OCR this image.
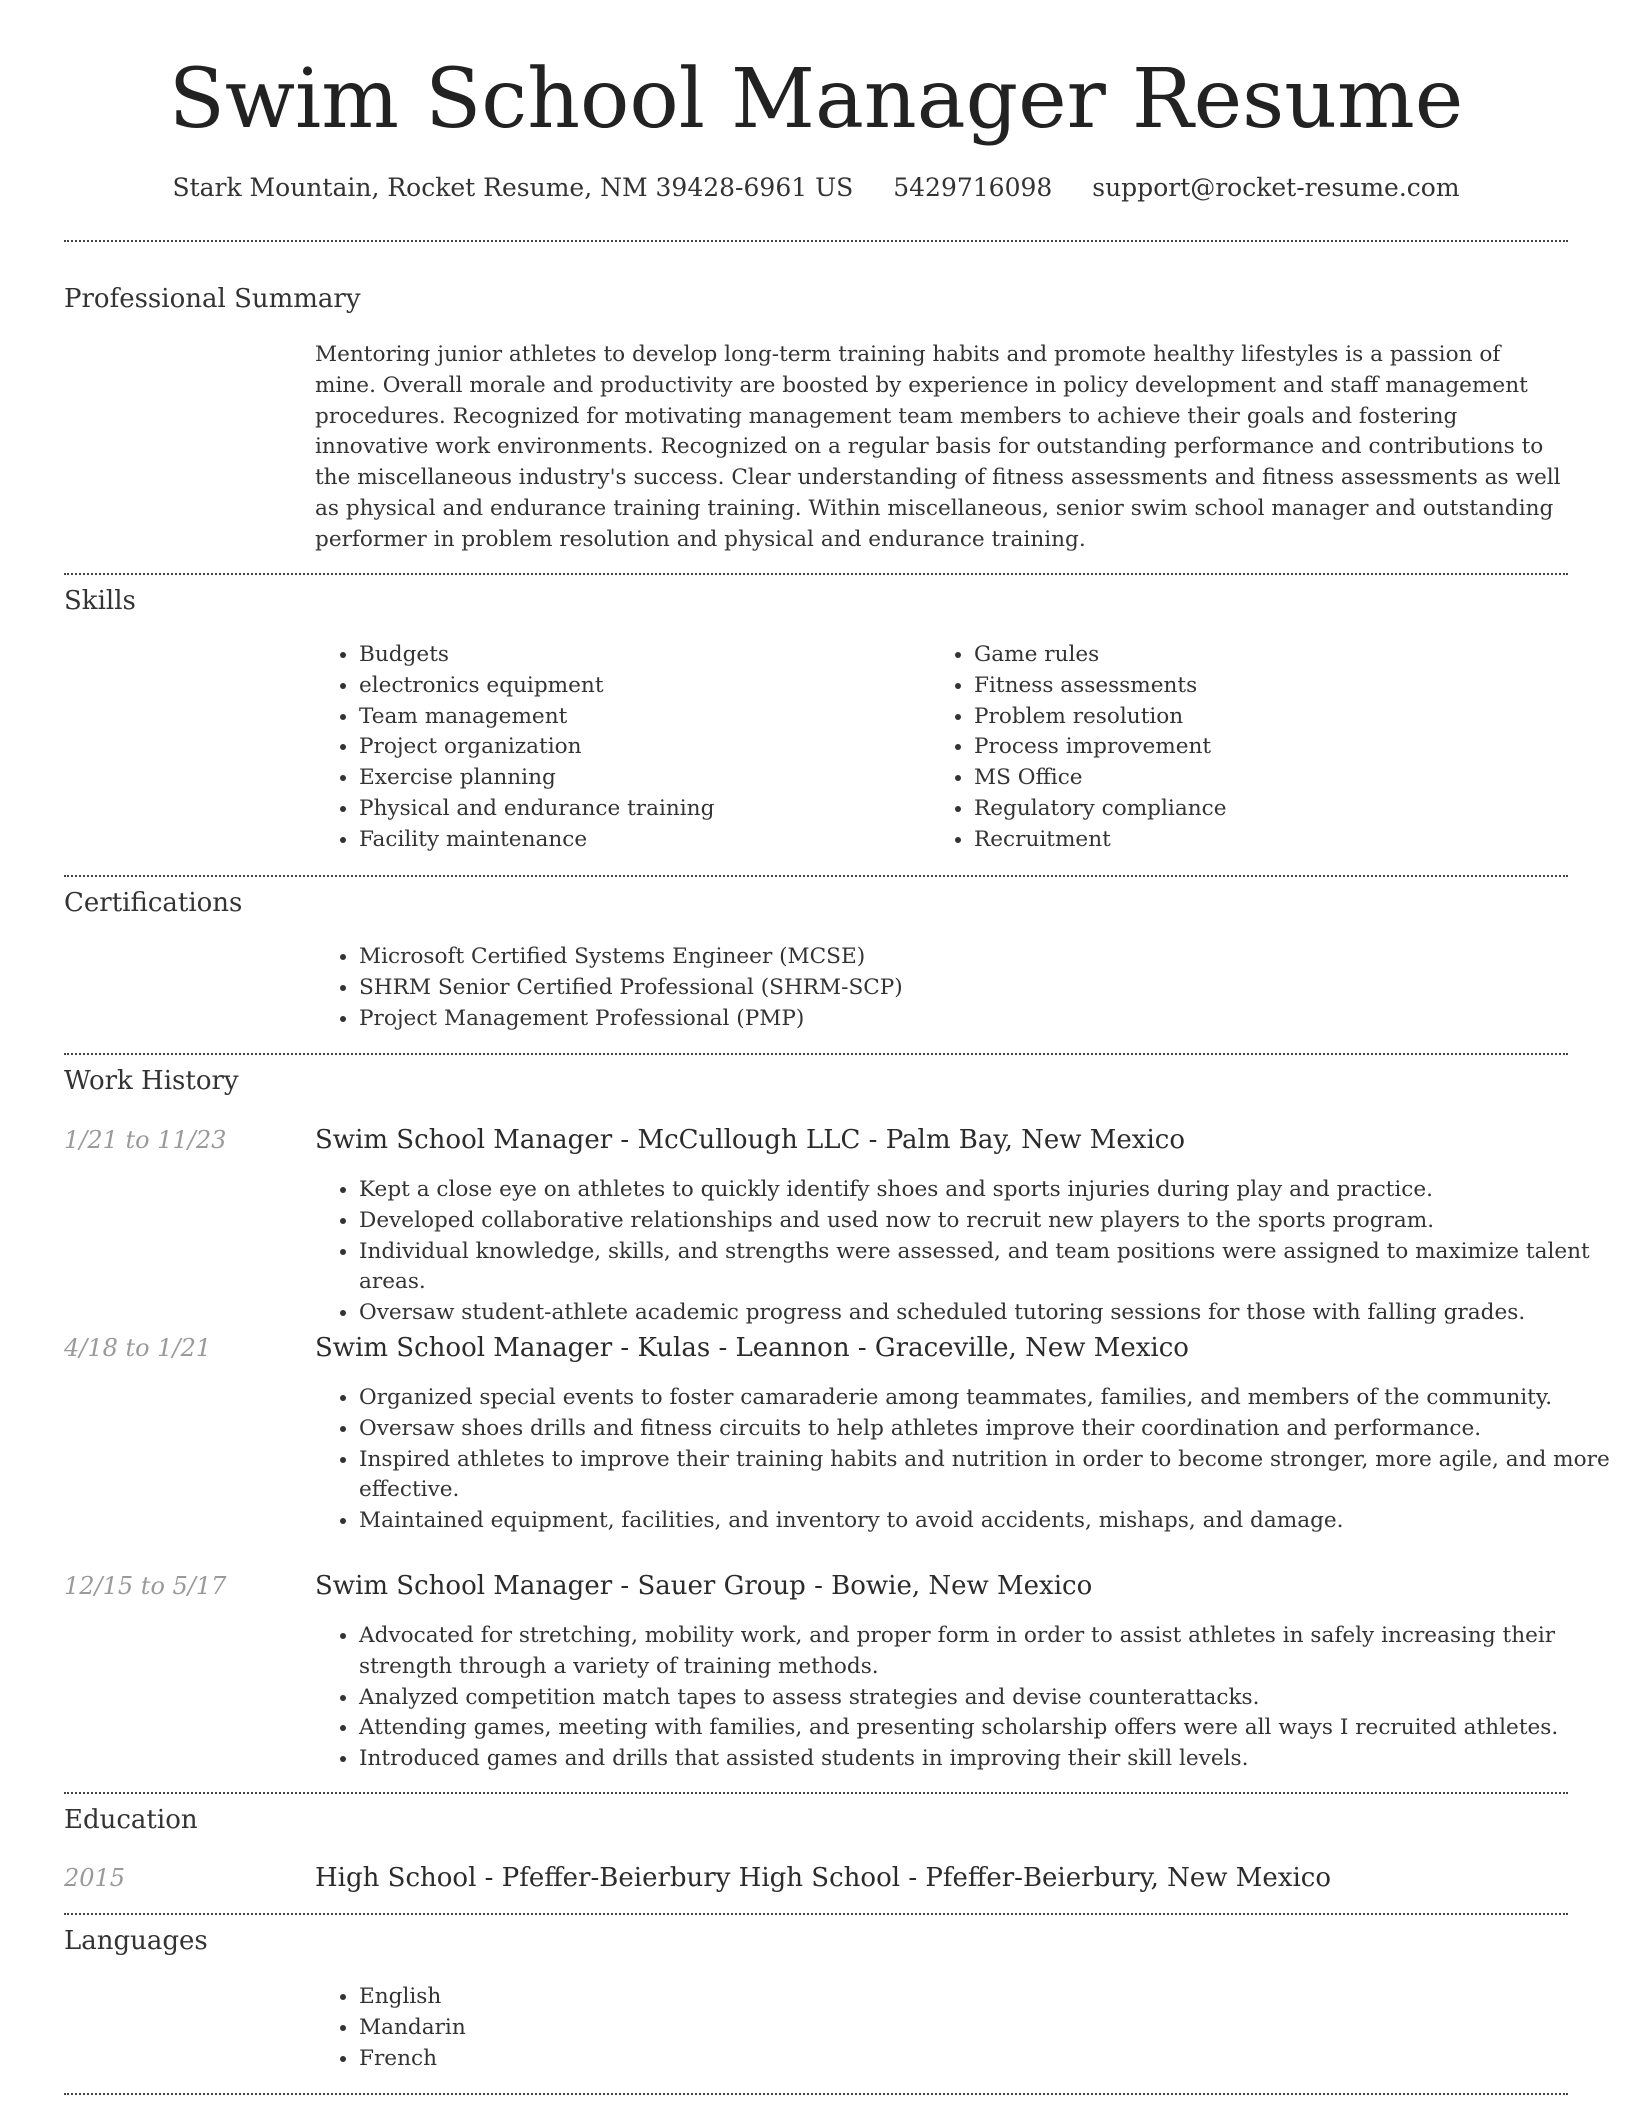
Swim School Manager Resume
Stark Mountain, Rocket Resume, NM 39428-6961 US 5429716098 support@rocket-resume.com
Professional Summary

Mentoring junior athletes to develop long-term training habits and promote healthy lifestyles is a passion of mine. Overall morale and productivity are boosted by experience in policy development and staff management procedures. Recognized for motivating management team members to achieve their goals and fostering innovative work environments. Recognized on a regular basis for outstanding performance and contributions to the miscellaneous industry's success. Clear understanding of fitness assessments and fitness assessments as well as physical and endurance training training. Within miscellaneous, senior swim school manager and outstanding performer in problem resolution and physical and endurance training.

Skills
• Budgets
• electronics equipment
• Team management
• Project organization
• Exercise planning
• Physical and endurance training
• Facility maintenance
• Game rules
• Fitness assessments
• Problem resolution
• Process improvement
• MS Office
• Regulatory compliance
• Recruitment
Certifications
• Microsoft Certified Systems Engineer (MCSE)
• SHRM Senior Certified Professional (SHRM-SCP)
• Project Management Professional (PMP)
Work History
1/21 to 11/23	Swim School Manager - McCullough LLC - Palm Bay, New Mexico
• Kept a close eye on athletes to quickly identify shoes and sports injuries during play and practice.
• Developed collaborative relationships and used now to recruit new players to the sports program.
• Individual knowledge, skills, and strengths were assessed, and team positions were assigned to maximize talent areas.
• Oversaw student-athlete academic progress and scheduled tutoring sessions for those with falling grades.
4/18 to 1/21	Swim School Manager - Kulas - Leannon - Graceville, New Mexico
• Organized special events to foster camaraderie among teammates, families, and members of the community.
• Oversaw shoes drills and fitness circuits to help athletes improve their coordination and performance.
• Inspired athletes to improve their training habits and nutrition in order to become stronger, more agile, and more effective.
• Maintained equipment, facilities, and inventory to avoid accidents, mishaps, and damage.
12/15 to 5/17	Swim School Manager - Sauer Group - Bowie, New Mexico
• Advocated for stretching, mobility work, and proper form in order to assist athletes in safely increasing their strength through a variety of training methods.
• Analyzed competition match tapes to assess strategies and devise counterattacks.
• Attending games, meeting with families, and presenting scholarship offers were all ways I recruited athletes.
• Introduced games and drills that assisted students in improving their skill levels.
Education
2015	High School - Pfeffer-Beierbury High School - Pfeffer-Beierbury, New Mexico
Languages
• English
• Mandarin
• French
